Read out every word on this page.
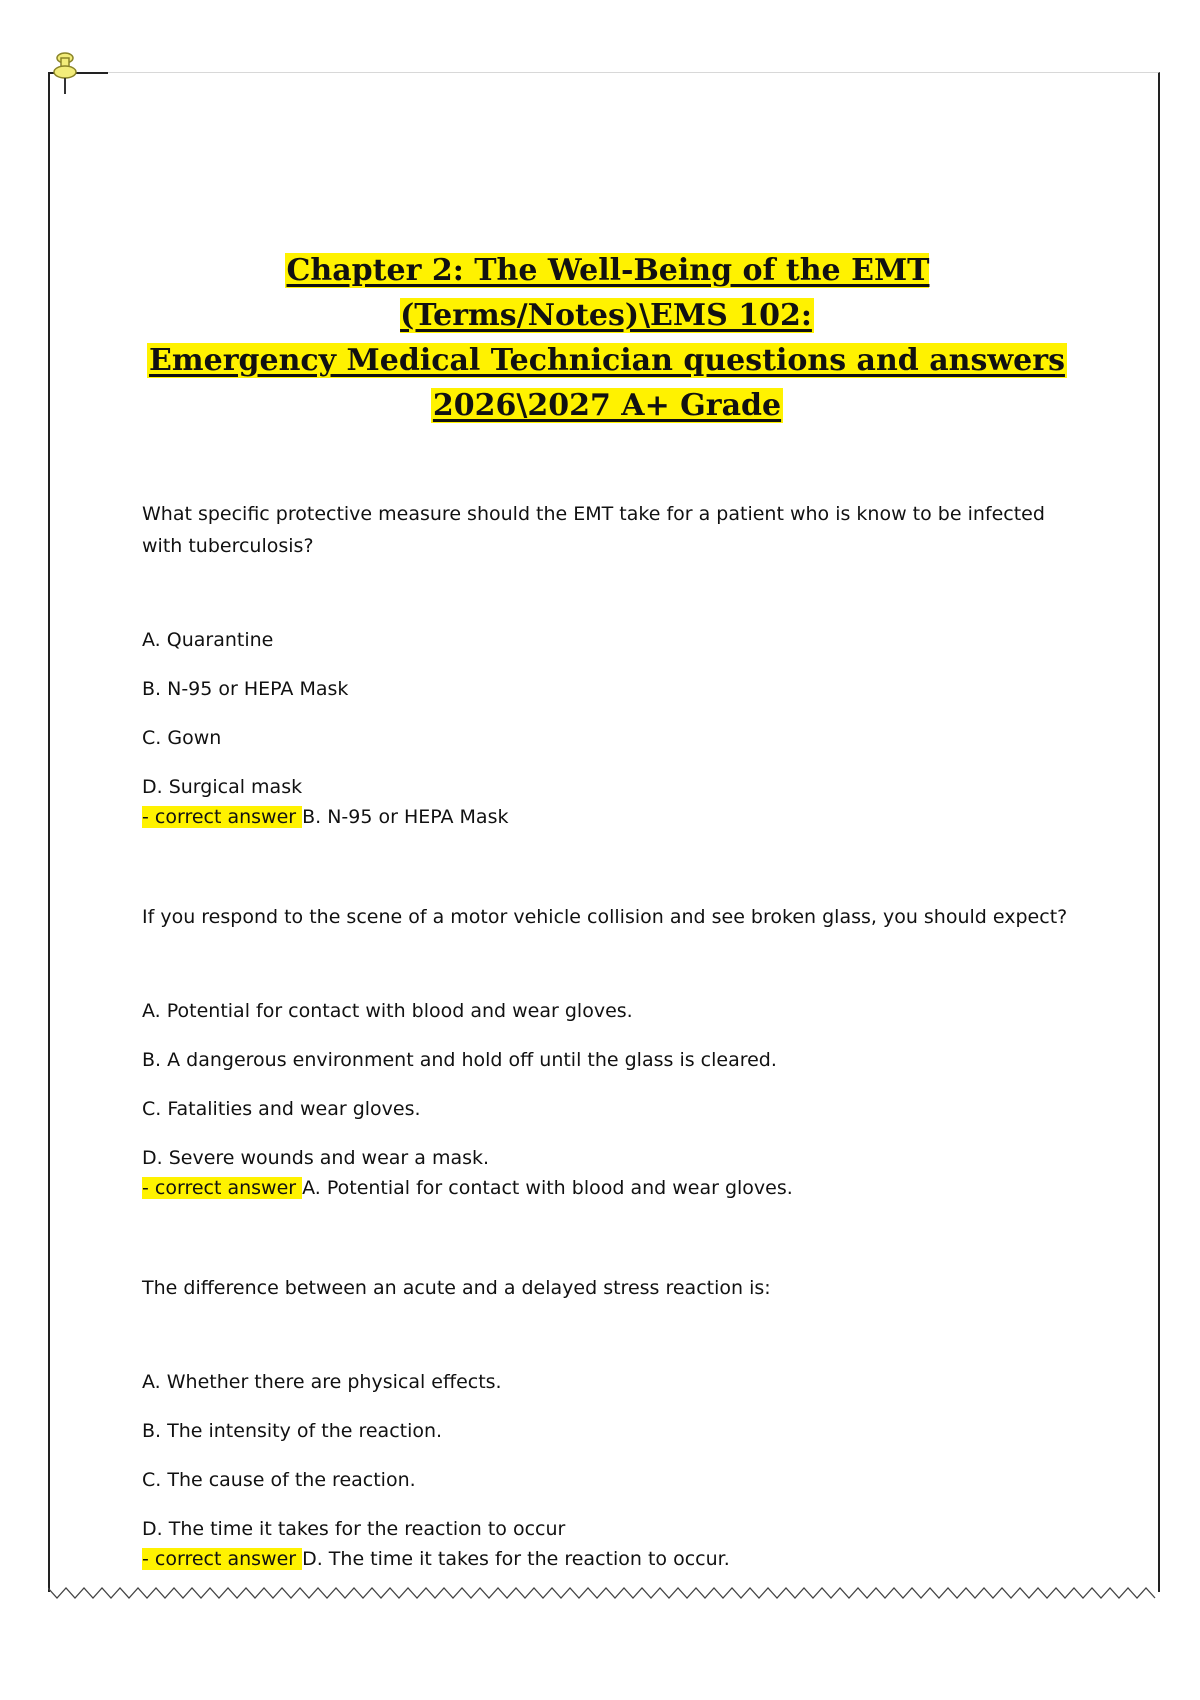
Chapter 2: The Well-Being of the EMT (Terms/Notes)\EMS 102:
Emergency Medical Technician questions and answers
2026\2027 A+ Grade
What specific protective measure should the EMT take for a patient who is know to be infected with tuberculosis?
A. Quarantine
B. N-95 or HEPA Mask
C. Gown
D. Surgical mask
- correct answer B. N-95 or HEPA Mask
If you respond to the scene of a motor vehicle collision and see broken glass, you should expect?
A. Potential for contact with blood and wear gloves.
B. A dangerous environment and hold off until the glass is cleared.
C. Fatalities and wear gloves.
D. Severe wounds and wear a mask.
- correct answer A. Potential for contact with blood and wear gloves.
The difference between an acute and a delayed stress reaction is:
A. Whether there are physical effects.
B. The intensity of the reaction.
C. The cause of the reaction.
D. The time it takes for the reaction to occur
- correct answer D. The time it takes for the reaction to occur.
